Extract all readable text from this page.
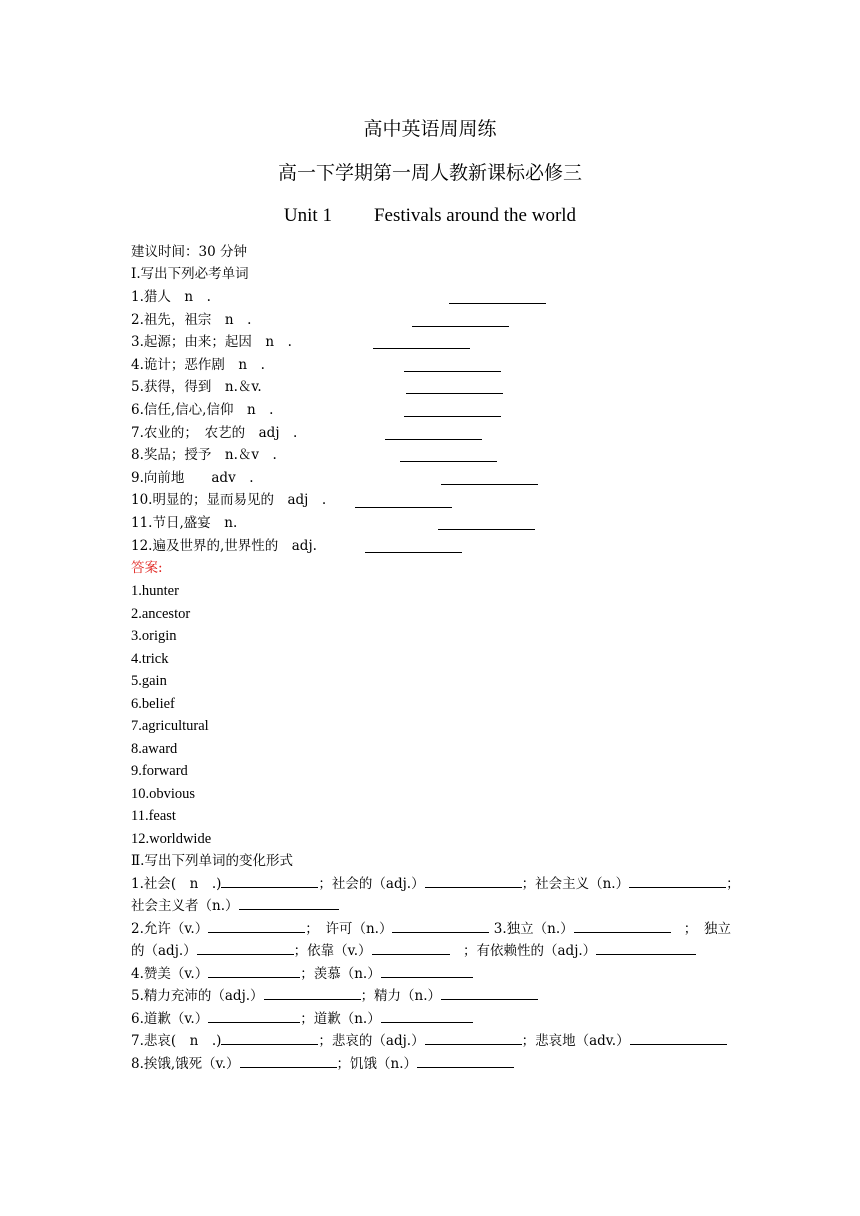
高中英语周周练
高一下学期第一周人教新课标必修三
Unit 1 Festivals around the world
建议时间：30 分钟
Ⅰ.写出下列必考单词
1.猎人　n　.
2.祖先，祖宗　n　.
3.起源；由来；起因　n　.
4.诡计；恶作剧　n　.
5.获得，得到　n.＆v.
6.信任,信心,信仰　n　.
7.农业的；　农艺的　adj　.
8.奖品；授予　n.＆v　.
9.向前地　　adv　.
10.明显的；显而易见的　adj　.
11.节日,盛宴　n.
12.遍及世界的,世界性的　adj.
答案:
1.hunter
2.ancestor
3.origin
4.trick
5.gain
6.belief
7.agricultural
8.award
9.forward
10.obvious
11.feast
12.worldwide
Ⅱ.写出下列单词的变化形式
1.社会(　n　.)	；社会的（adj.）	；社会主义（n.）	；
社会主义者（n.）
2.允许（v.）	；　许可（n.）	3.独立（n.）	；　独立
的（adj.）	；依靠（v.）	　；有依赖性的（adj.）
4.赞美（v.）	；羡慕（n.）
5.精力充沛的（adj.）	；精力（n.）
6.道歉（v.）	；道歉（n.）
7.悲哀(　n　.)	；悲哀的（adj.）	；悲哀地（adv.）
8.挨饿,饿死（v.）	；饥饿（n.）
